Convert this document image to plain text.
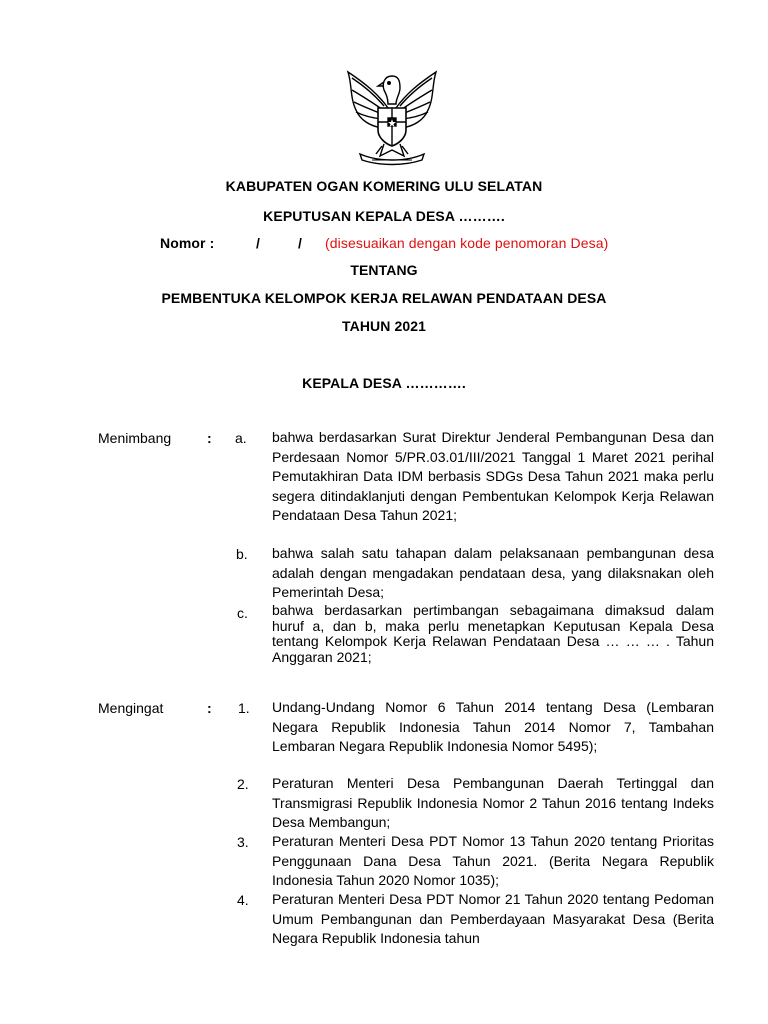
KABUPATEN OGAN KOMERING ULU SELATAN
KEPUTUSAN KEPALA DESA ……….
Nomor :	/	/ (disesuaikan dengan kode penomoran Desa)
TENTANG
PEMBENTUKA KELOMPOK KERJA RELAWAN PENDATAAN DESA
TAHUN 2021
KEPALA DESA ………….
Menimbang	: a. bahwa berdasarkan Surat Direktur Jenderal Pembangunan Desa dan Perdesaan Nomor 5/PR.03.01/III/2021 Tanggal 1 Maret 2021 perihal Pemutakhiran Data IDM berbasis SDGs Desa Tahun 2021 maka perlu segera ditindaklanjuti dengan Pembentukan Kelompok Kerja Relawan Pendataan Desa Tahun 2021;
b. bahwa salah satu tahapan dalam pelaksanaan pembangunan desa adalah dengan mengadakan pendataan desa, yang dilaksnakan oleh Pemerintah Desa;
c. bahwa berdasarkan pertimbangan sebagaimana dimaksud dalam huruf a, dan b, maka perlu menetapkan Keputusan Kepala Desa tentang Kelompok Kerja Relawan Pendataan Desa … … … . Tahun Anggaran 2021;
Mengingat	: 1. Undang-Undang Nomor 6 Tahun 2014 tentang Desa (Lembaran Negara Republik Indonesia Tahun 2014 Nomor 7, Tambahan Lembaran Negara Republik Indonesia Nomor 5495);
2. Peraturan Menteri Desa Pembangunan Daerah Tertinggal dan Transmigrasi Republik Indonesia Nomor 2 Tahun 2016 tentang Indeks Desa Membangun;
3. Peraturan Menteri Desa PDT Nomor 13 Tahun 2020 tentang Prioritas Penggunaan Dana Desa Tahun 2021. (Berita Negara Republik Indonesia Tahun 2020 Nomor 1035);
4. Peraturan Menteri Desa PDT Nomor 21 Tahun 2020 tentang Pedoman Umum Pembangunan dan Pemberdayaan Masyarakat Desa (Berita Negara Republik Indonesia tahun
